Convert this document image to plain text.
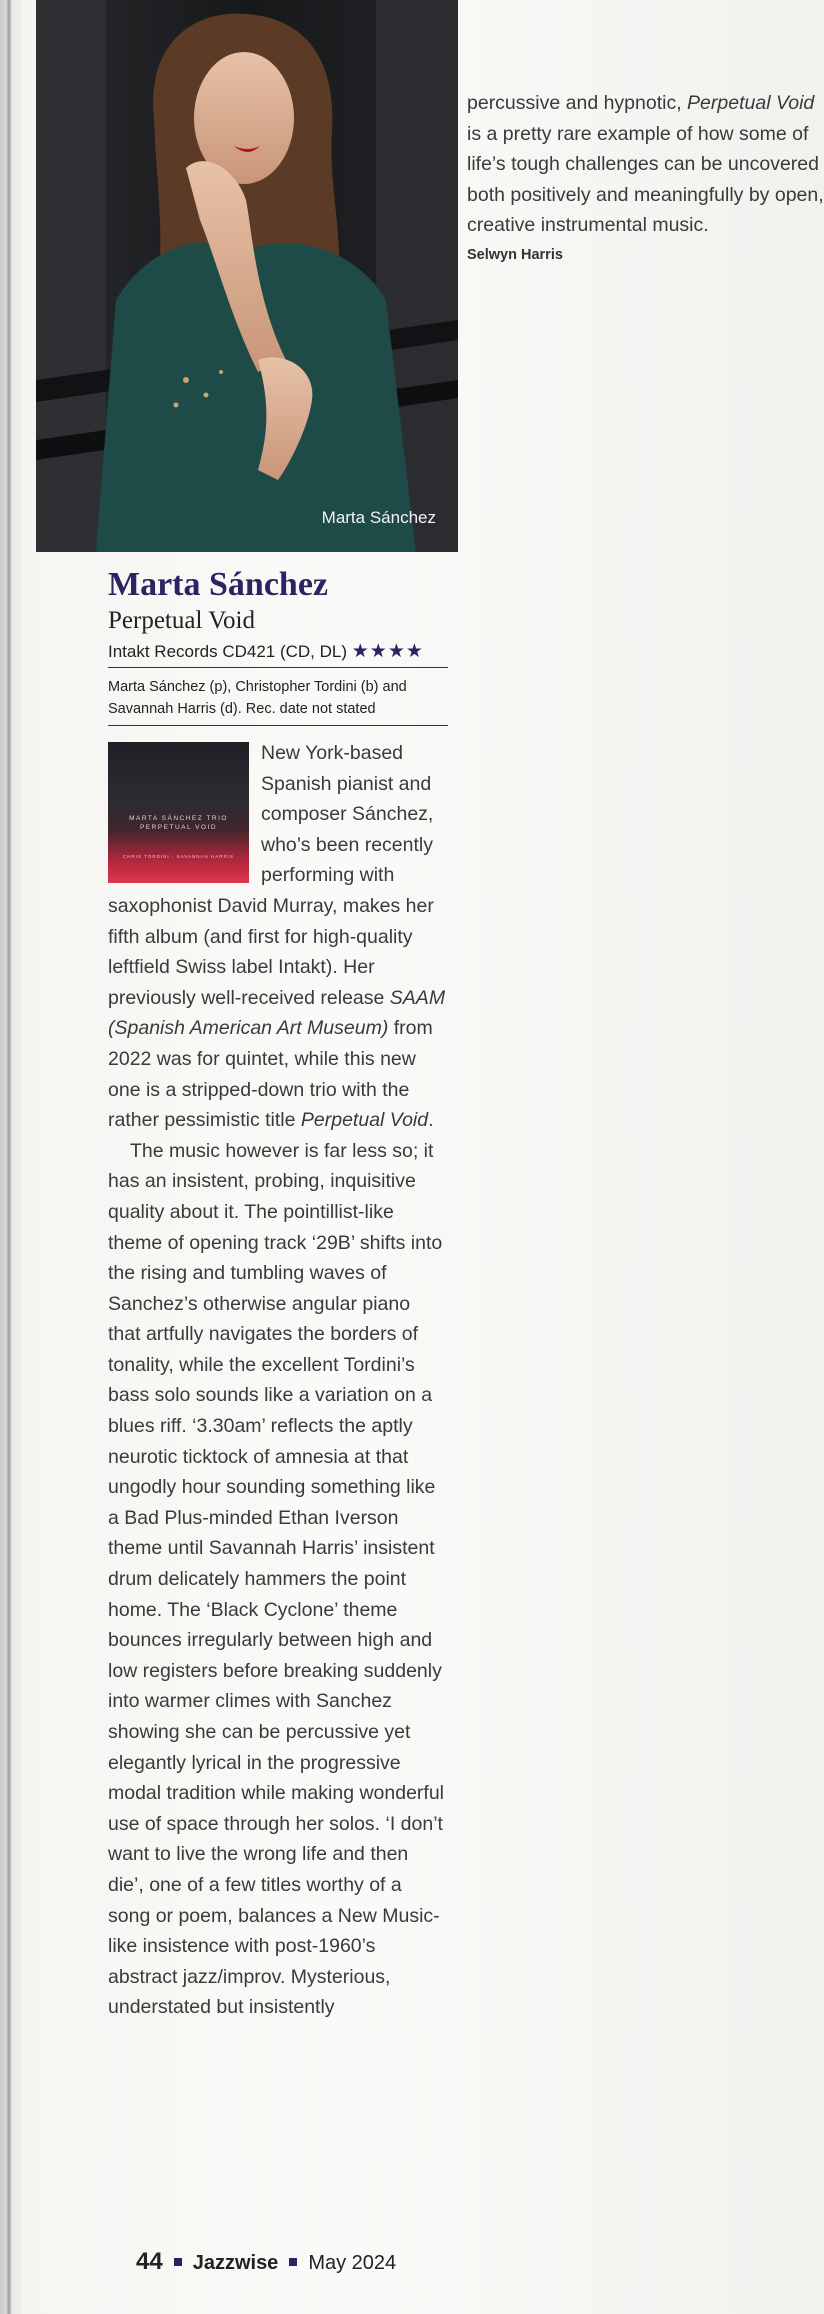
Marta Sánchez

percussive and hypnotic, Perpetual Void is a pretty rare example of how some of life’s tough challenges can be uncovered both positively and meaningfully by open, creative instrumental music.

Selwyn Harris
Marta Sánchez
Perpetual Void
Intakt Records CD421 (CD, DL) ★★★★
Marta Sánchez (p), Christopher Tordini (b) and Savannah Harris (d). Rec. date not stated
MARTA SÁNCHEZ TRIO
PERPETUAL VOID
CHRIS TORDINI · SAVANNAH HARRIS

New York-based Spanish pianist and composer Sánchez, who’s been recently performing with saxophonist David Murray, makes her fifth album (and first for high-quality leftfield Swiss label Intakt). Her previously well-received release SAAM (Spanish American Art Museum) from 2022 was for quintet, while this new one is a stripped-down trio with the rather pessimistic title Perpetual Void.

The music however is far less so; it has an insistent, probing, inquisitive quality about it. The pointillist-like theme of opening track ‘29B’ shifts into the rising and tumbling waves of Sanchez’s otherwise angular piano that artfully navigates the borders of tonality, while the excellent Tordini’s bass solo sounds like a variation on a blues riff. ‘3.30am’ reflects the aptly neurotic ticktock of amnesia at that ungodly hour sounding something like a Bad Plus-minded Ethan Iverson theme until Savannah Harris’ insistent drum delicately hammers the point home. The ‘Black Cyclone’ theme bounces irregularly between high and low registers before breaking suddenly into warmer climes with Sanchez showing she can be percussive yet elegantly lyrical in the progressive modal tradition while making wonderful use of space through her solos. ‘I don’t want to live the wrong life and then die’, one of a few titles worthy of a song or poem, balances a New Music-like insistence with post-1960’s abstract jazz/improv. Mysterious, understated but insistently

44 Jazzwise May 2024
